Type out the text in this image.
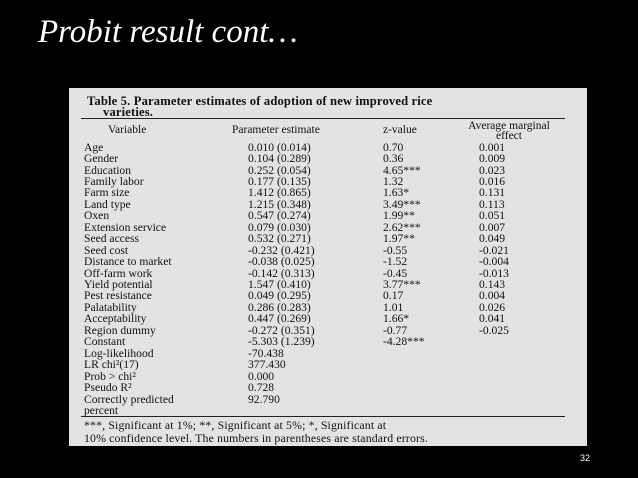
Probit result cont…
Table 5. Parameter estimates of adoption of new improved rice
varieties.
Variable	Parameter estimate	z-value	Average marginal
effect

Age	0.010 (0.014)	0.70	0.001
Gender	0.104 (0.289)	0.36	0.009
Education	0.252 (0.054)	4.65***	0.023
Family labor	0.177 (0.135)	1.32	0.016
Farm size	1.412 (0.865)	1.63*	0.131
Land type	1.215 (0.348)	3.49***	0.113
Oxen	0.547 (0.274)	1.99**	0.051
Extension service	0.079 (0.030)	2.62***	0.007
Seed access	0.532 (0.271)	1.97**	0.049
Seed cost	-0.232 (0.421)	-0.55	-0.021
Distance to market	-0.038 (0.025)	-1.52	-0.004
Off-farm work	-0.142 (0.313)	-0.45	-0.013
Yield potential	1.547 (0.410)	3.77***	0.143
Pest resistance	0.049 (0.295)	0.17	0.004
Palatability	0.286 (0.283)	1.01	0.026
Acceptability	0.447 (0.269)	1.66*	0.041
Region dummy	-0.272 (0.351)	-0.77	-0.025
Constant	-5.303 (1.239)	-4.28***	
Log-likelihood	-70.438		
LR chi²(17)	377.430		
Prob > chi²	0.000		
Pseudo R²	0.728		
Correctly predicted	92.790		
percent			
***, Significant at 1%; **, Significant at 5%; *, Significant at
10% confidence level. The numbers in parentheses are standard errors.
32
